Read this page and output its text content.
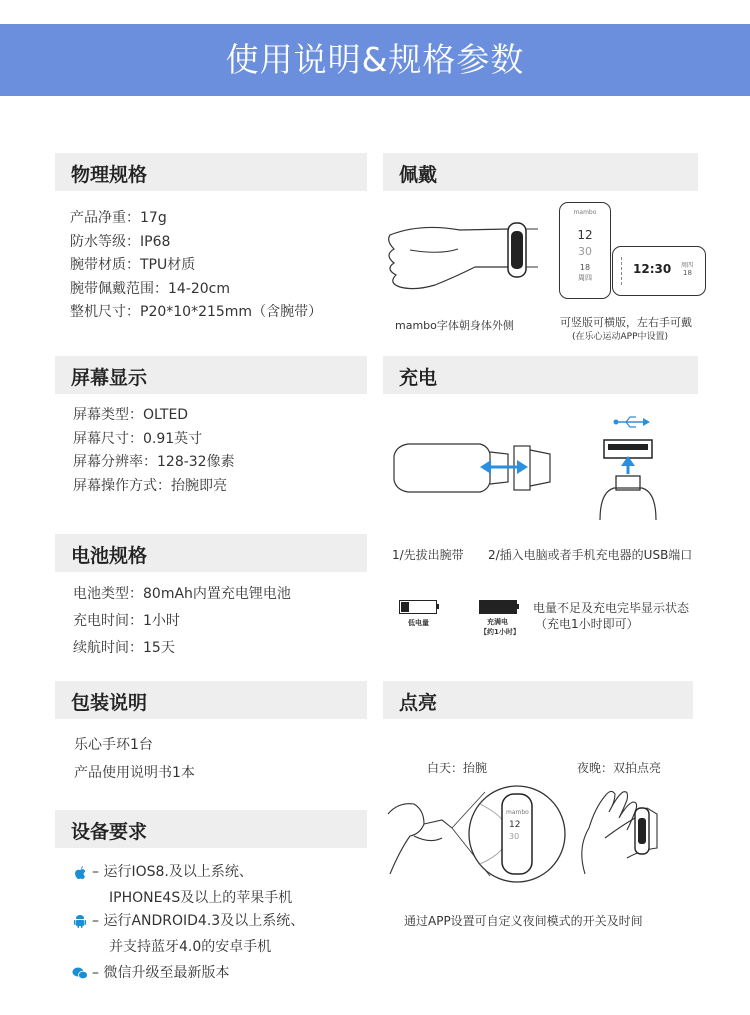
使用说明&规格参数
物理规格
产品净重：17g
防水等级：IP68
腕带材质：TPU材质
腕带佩戴范围：14-20cm
整机尺寸：P20*10*215mm（含腕带）
佩戴
mambo
12
30
18
周四
12:30 周四
18
mambo字体朝身体外侧	可竖版可横版，左右手可戴
(在乐心运动APP中设置)
屏幕显示
屏幕类型：OLTED
屏幕尺寸：0.91英寸
屏幕分辨率：128-32像素
屏幕操作方式：抬腕即亮
充电
1/先拔出腕带 2/插入电脑或者手机充电器的USB端口
低电量	充满电
【约1小时】
电量不足及充电完毕显示状态
（充电1小时即可）
电池规格
电池类型：80mAh内置充电锂电池
充电时间：1小时
续航时间：15天
包装说明
乐心手环1台
产品使用说明书1本
点亮
白天：抬腕	夜晚：双拍点亮
mambo
12
30
通过APP设置可自定义夜间模式的开关及时间
设备要求
– 运行IOS8.及以上系统、
IPHONE4S及以上的苹果手机
– 运行ANDROID4.3及以上系统、
并支持蓝牙4.0的安卓手机
– 微信升级至最新版本
